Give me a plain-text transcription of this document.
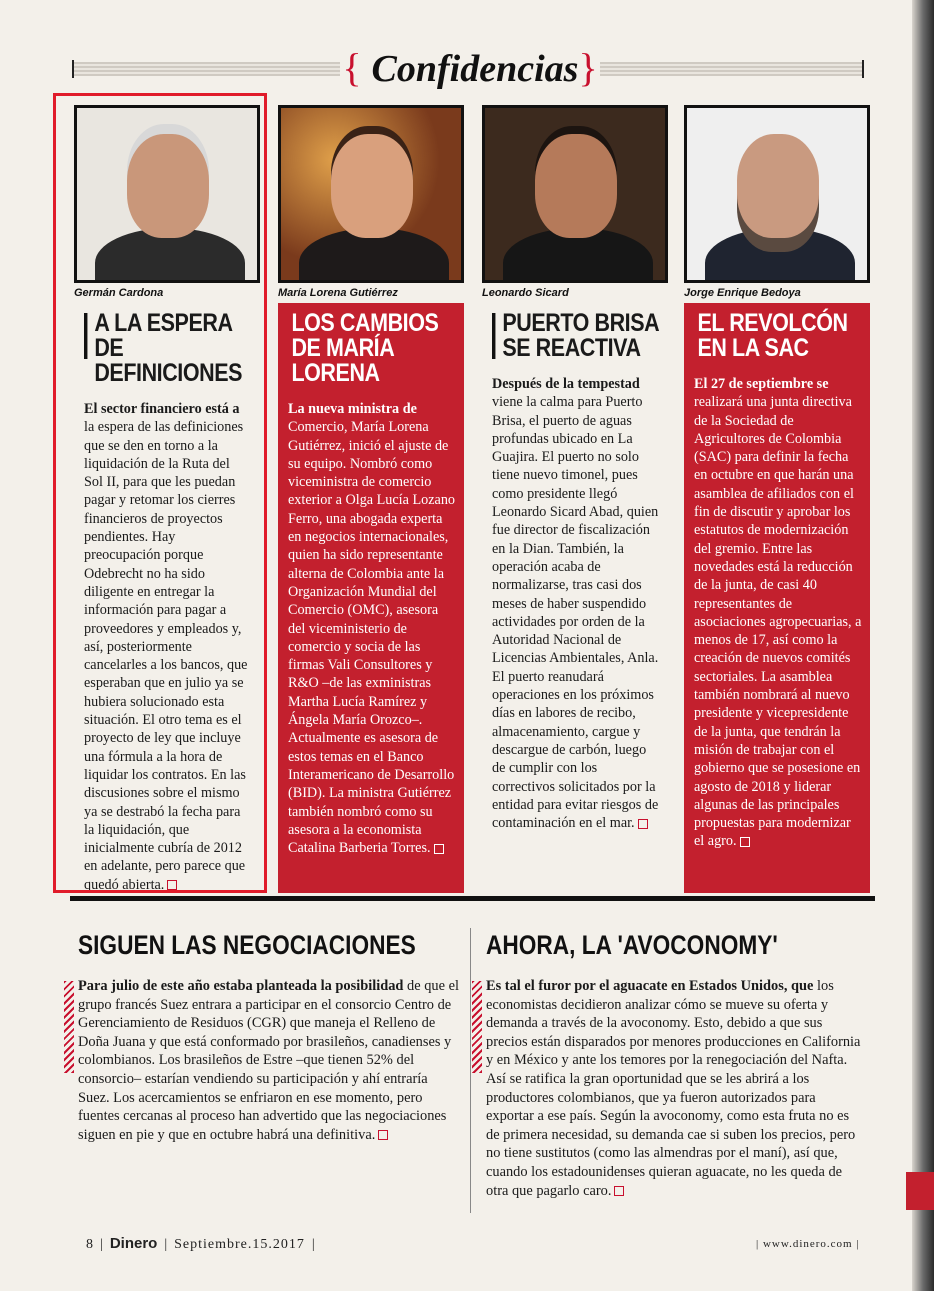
{ Confidencias}
Germán Cardona
A LA ESPERA DE DEFINICIONES
El sector financiero está a la espera de las definiciones que se den en torno a la liquidación de la Ruta del Sol II, para que les puedan pagar y retomar los cierres financieros de proyectos pendientes. Hay preocupación porque Odebrecht no ha sido diligente en entregar la información para pagar a proveedores y empleados y, así, posteriormente cancelarles a los bancos, que esperaban que en julio ya se hubiera solucionado esta situación. El otro tema es el proyecto de ley que incluye una fórmula a la hora de liquidar los contratos. En las discusiones sobre el mismo ya se destrabó la fecha para la liquidación, que inicialmente cubría de 2012 en adelante, pero parece que quedó abierta.
María Lorena Gutiérrez
LOS CAMBIOS DE MARÍA LORENA
La nueva ministra de Comercio, María Lorena Gutiérrez, inició el ajuste de su equipo. Nombró como viceministra de comercio exterior a Olga Lucía Lozano Ferro, una abogada experta en negocios internacionales, quien ha sido representante alterna de Colombia ante la Organización Mundial del Comercio (OMC), asesora del viceministerio de comercio y socia de las firmas Vali Consultores y R&O –de las exministras Martha Lucía Ramírez y Ángela María Orozco–. Actualmente es asesora de estos temas en el Banco Interamericano de Desarrollo (BID). La ministra Gutiérrez también nombró como su asesora a la economista Catalina Barberia Torres.
Leonardo Sicard
PUERTO BRISA SE REACTIVA
Después de la tempestad viene la calma para Puerto Brisa, el puerto de aguas profundas ubicado en La Guajira. El puerto no solo tiene nuevo timonel, pues como presidente llegó Leonardo Sicard Abad, quien fue director de fiscalización en la Dian. También, la operación acaba de normalizarse, tras casi dos meses de haber suspendido actividades por orden de la Autoridad Nacional de Licencias Ambientales, Anla. El puerto reanudará operaciones en los próximos días en labores de recibo, almacenamiento, cargue y descargue de carbón, luego de cumplir con los correctivos solicitados por la entidad para evitar riesgos de contaminación en el mar.
Jorge Enrique Bedoya
EL REVOLCÓN EN LA SAC
El 27 de septiembre se realizará una junta directiva de la Sociedad de Agricultores de Colombia (SAC) para definir la fecha en octubre en que harán una asamblea de afiliados con el fin de discutir y aprobar los estatutos de modernización del gremio. Entre las novedades está la reducción de la junta, de casi 40 representantes de asociaciones agropecuarias, a menos de 17, así como la creación de nuevos comités sectoriales. La asamblea también nombrará al nuevo presidente y vicepresidente de la junta, que tendrán la misión de trabajar con el gobierno que se posesione en agosto de 2018 y liderar algunas de las principales propuestas para modernizar el agro.
SIGUEN LAS NEGOCIACIONES
Para julio de este año estaba planteada la posibilidad de que el grupo francés Suez entrara a participar en el consorcio Centro de Gerenciamiento de Residuos (CGR) que maneja el Relleno de Doña Juana y que está conformado por brasileños, canadienses y colombianos. Los brasileños de Estre –que tienen 52% del consorcio– estarían vendiendo su participación y ahí entraría Suez. Los acercamientos se enfriaron en ese momento, pero fuentes cercanas al proceso han advertido que las negociaciones siguen en pie y que en octubre habrá una definitiva.
AHORA, LA 'AVOCONOMY'
Es tal el furor por el aguacate en Estados Unidos, que los economistas decidieron analizar cómo se mueve su oferta y demanda a través de la avoconomy. Esto, debido a que sus precios están disparados por menores producciones en California y en México y ante los temores por la renegociación del Nafta. Así se ratifica la gran oportunidad que se les abrirá a los productores colombianos, que ya fueron autorizados para exportar a ese país. Según la avoconomy, como esta fruta no es de primera necesidad, su demanda cae si suben los precios, pero no tiene sustitutos (como las almendras por el maní), así que, cuando los estadounidenses quieran aguacate, no les queda de otra que pagarlo caro.
8  |  Dinero  |  Septiembre.15.2017  |	| www.dinero.com |
